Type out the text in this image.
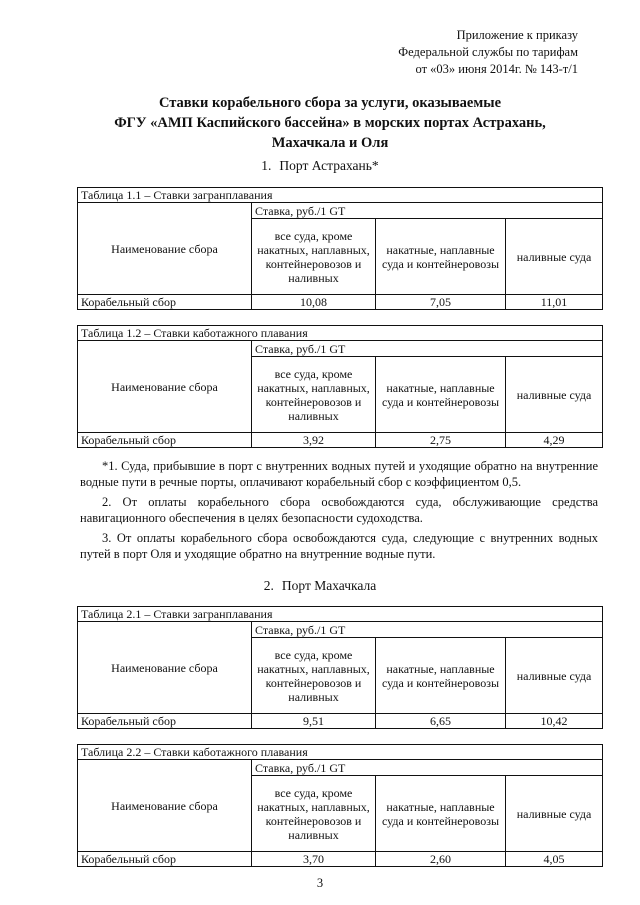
Приложение к приказу
Федеральной службы по тарифам
от «03» июня 2014г. № 143-т/1
Ставки корабельного сбора за услуги, оказываемые
ФГУ «АМП Каспийского бассейна» в морских портах Астрахань,
Махачкала и Оля
1. Порт Астрахань*
Таблица 1.1 – Ставки загранплавания			
Наименование сбора	Ставка, руб./1 GT		
	все суда, кроме накатных, наплавных, контейнеровозов и наливных	накатные, наплавные суда и контейнеровозы	наливные суда
Корабельный сбор	10,08	7,05	11,01
Таблица 1.2 – Ставки каботажного плавания			
Наименование сбора	Ставка, руб./1 GT		
	все суда, кроме накатных, наплавных, контейнеровозов и наливных	накатные, наплавные суда и контейнеровозы	наливные суда
Корабельный сбор	3,92	2,75	4,29

*1. Суда, прибывшие в порт с внутренних водных путей и уходящие обратно на внутренние водные пути в речные порты, оплачивают корабельный сбор с коэффициентом 0,5.

2. От оплаты корабельного сбора освобождаются суда, обслуживающие средства навигационного обеспечения в целях безопасности судоходства.

3. От оплаты корабельного сбора освобождаются суда, следующие с внутренних водных путей в порт Оля и уходящие обратно на внутренние водные пути.

2. Порт Махачкала
Таблица 2.1 – Ставки загранплавания			
Наименование сбора	Ставка, руб./1 GT		
	все суда, кроме накатных, наплавных, контейнеровозов и наливных	накатные, наплавные суда и контейнеровозы	наливные суда
Корабельный сбор	9,51	6,65	10,42
Таблица 2.2 – Ставки каботажного плавания			
Наименование сбора	Ставка, руб./1 GT		
	все суда, кроме накатных, наплавных, контейнеровозов и наливных	накатные, наплавные суда и контейнеровозы	наливные суда
Корабельный сбор	3,70	2,60	4,05
3
